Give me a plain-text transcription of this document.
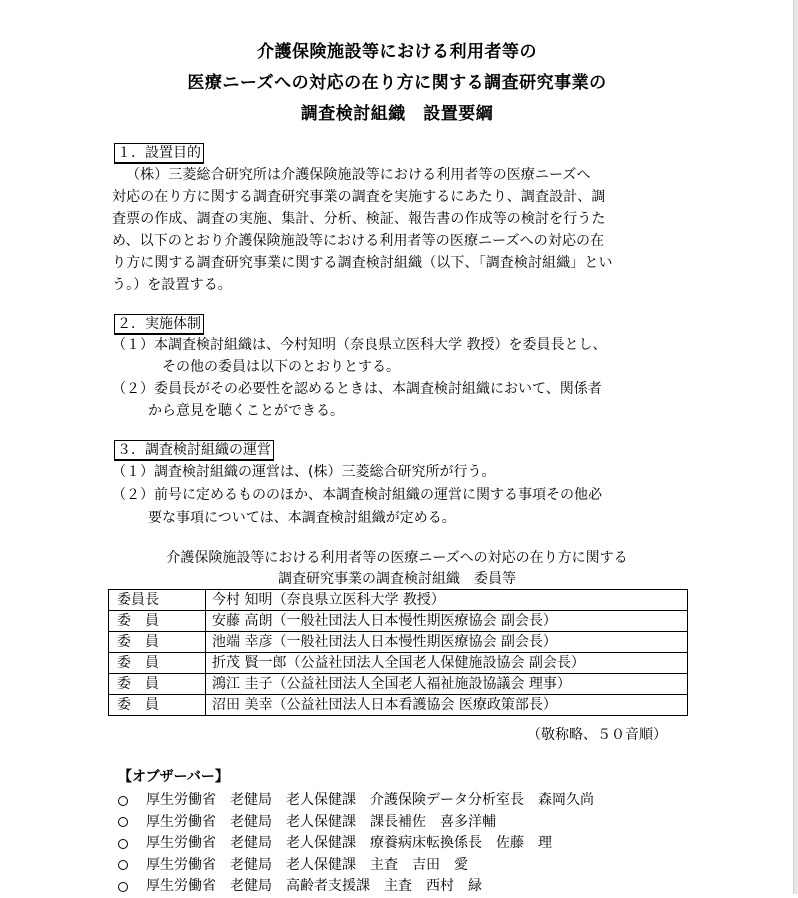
介護保険施設等における利用者等の
医療ニーズへの対応の在り方に関する調査研究事業の
調査検討組織　設置要綱
１．設置目的
（株）三菱総合研究所は介護保険施設等における利用者等の医療ニーズへ
対応の在り方に関する調査研究事業の調査を実施するにあたり、調査設計、調
査票の作成、調査の実施、集計、分析、検証、報告書の作成等の検討を行うた
め、以下のとおり介護保険施設等における利用者等の医療ニーズへの対応の在
り方に関する調査研究事業に関する調査検討組織（以下、「調査検討組織」とい
う。）を設置する。
２．実施体制
（１）本調査検討組織は、今村知明（奈良県立医科大学 教授）を委員長とし、
その他の委員は以下のとおりとする。
（２）委員長がその必要性を認めるときは、本調査検討組織において、関係者
から意見を聴くことができる。
３．調査検討組織の運営
（１）調査検討組織の運営は、(株）三菱総合研究所が行う。
（２）前号に定めるもののほか、本調査検討組織の運営に関する事項その他必
要な事項については、本調査検討組織が定める。
介護保険施設等における利用者等の医療ニーズへの対応の在り方に関する
調査研究事業の調査検討組織　委員等
委員長	今村 知明（奈良県立医科大学 教授）
委　員	安藤 高朗（一般社団法人日本慢性期医療協会 副会長）
委　員	池端 幸彦（一般社団法人日本慢性期医療協会 副会長）
委　員	折茂 賢一郎（公益社団法人全国老人保健施設協会 副会長）
委　員	鴻江 圭子（公益社団法人全国老人福祉施設協議会 理事）
委　員	沼田 美幸（公益社団法人日本看護協会 医療政策部長）
（敬称略、５０音順）
【オブザーバー】
厚生労働省　老健局　老人保健課　介護保険データ分析室長　森岡久尚
厚生労働省　老健局　老人保健課　課長補佐　喜多洋輔
厚生労働省　老健局　老人保健課　療養病床転換係長　佐藤　理
厚生労働省　老健局　老人保健課　主査　吉田　愛
厚生労働省　老健局　高齢者支援課　主査　西村　緑
